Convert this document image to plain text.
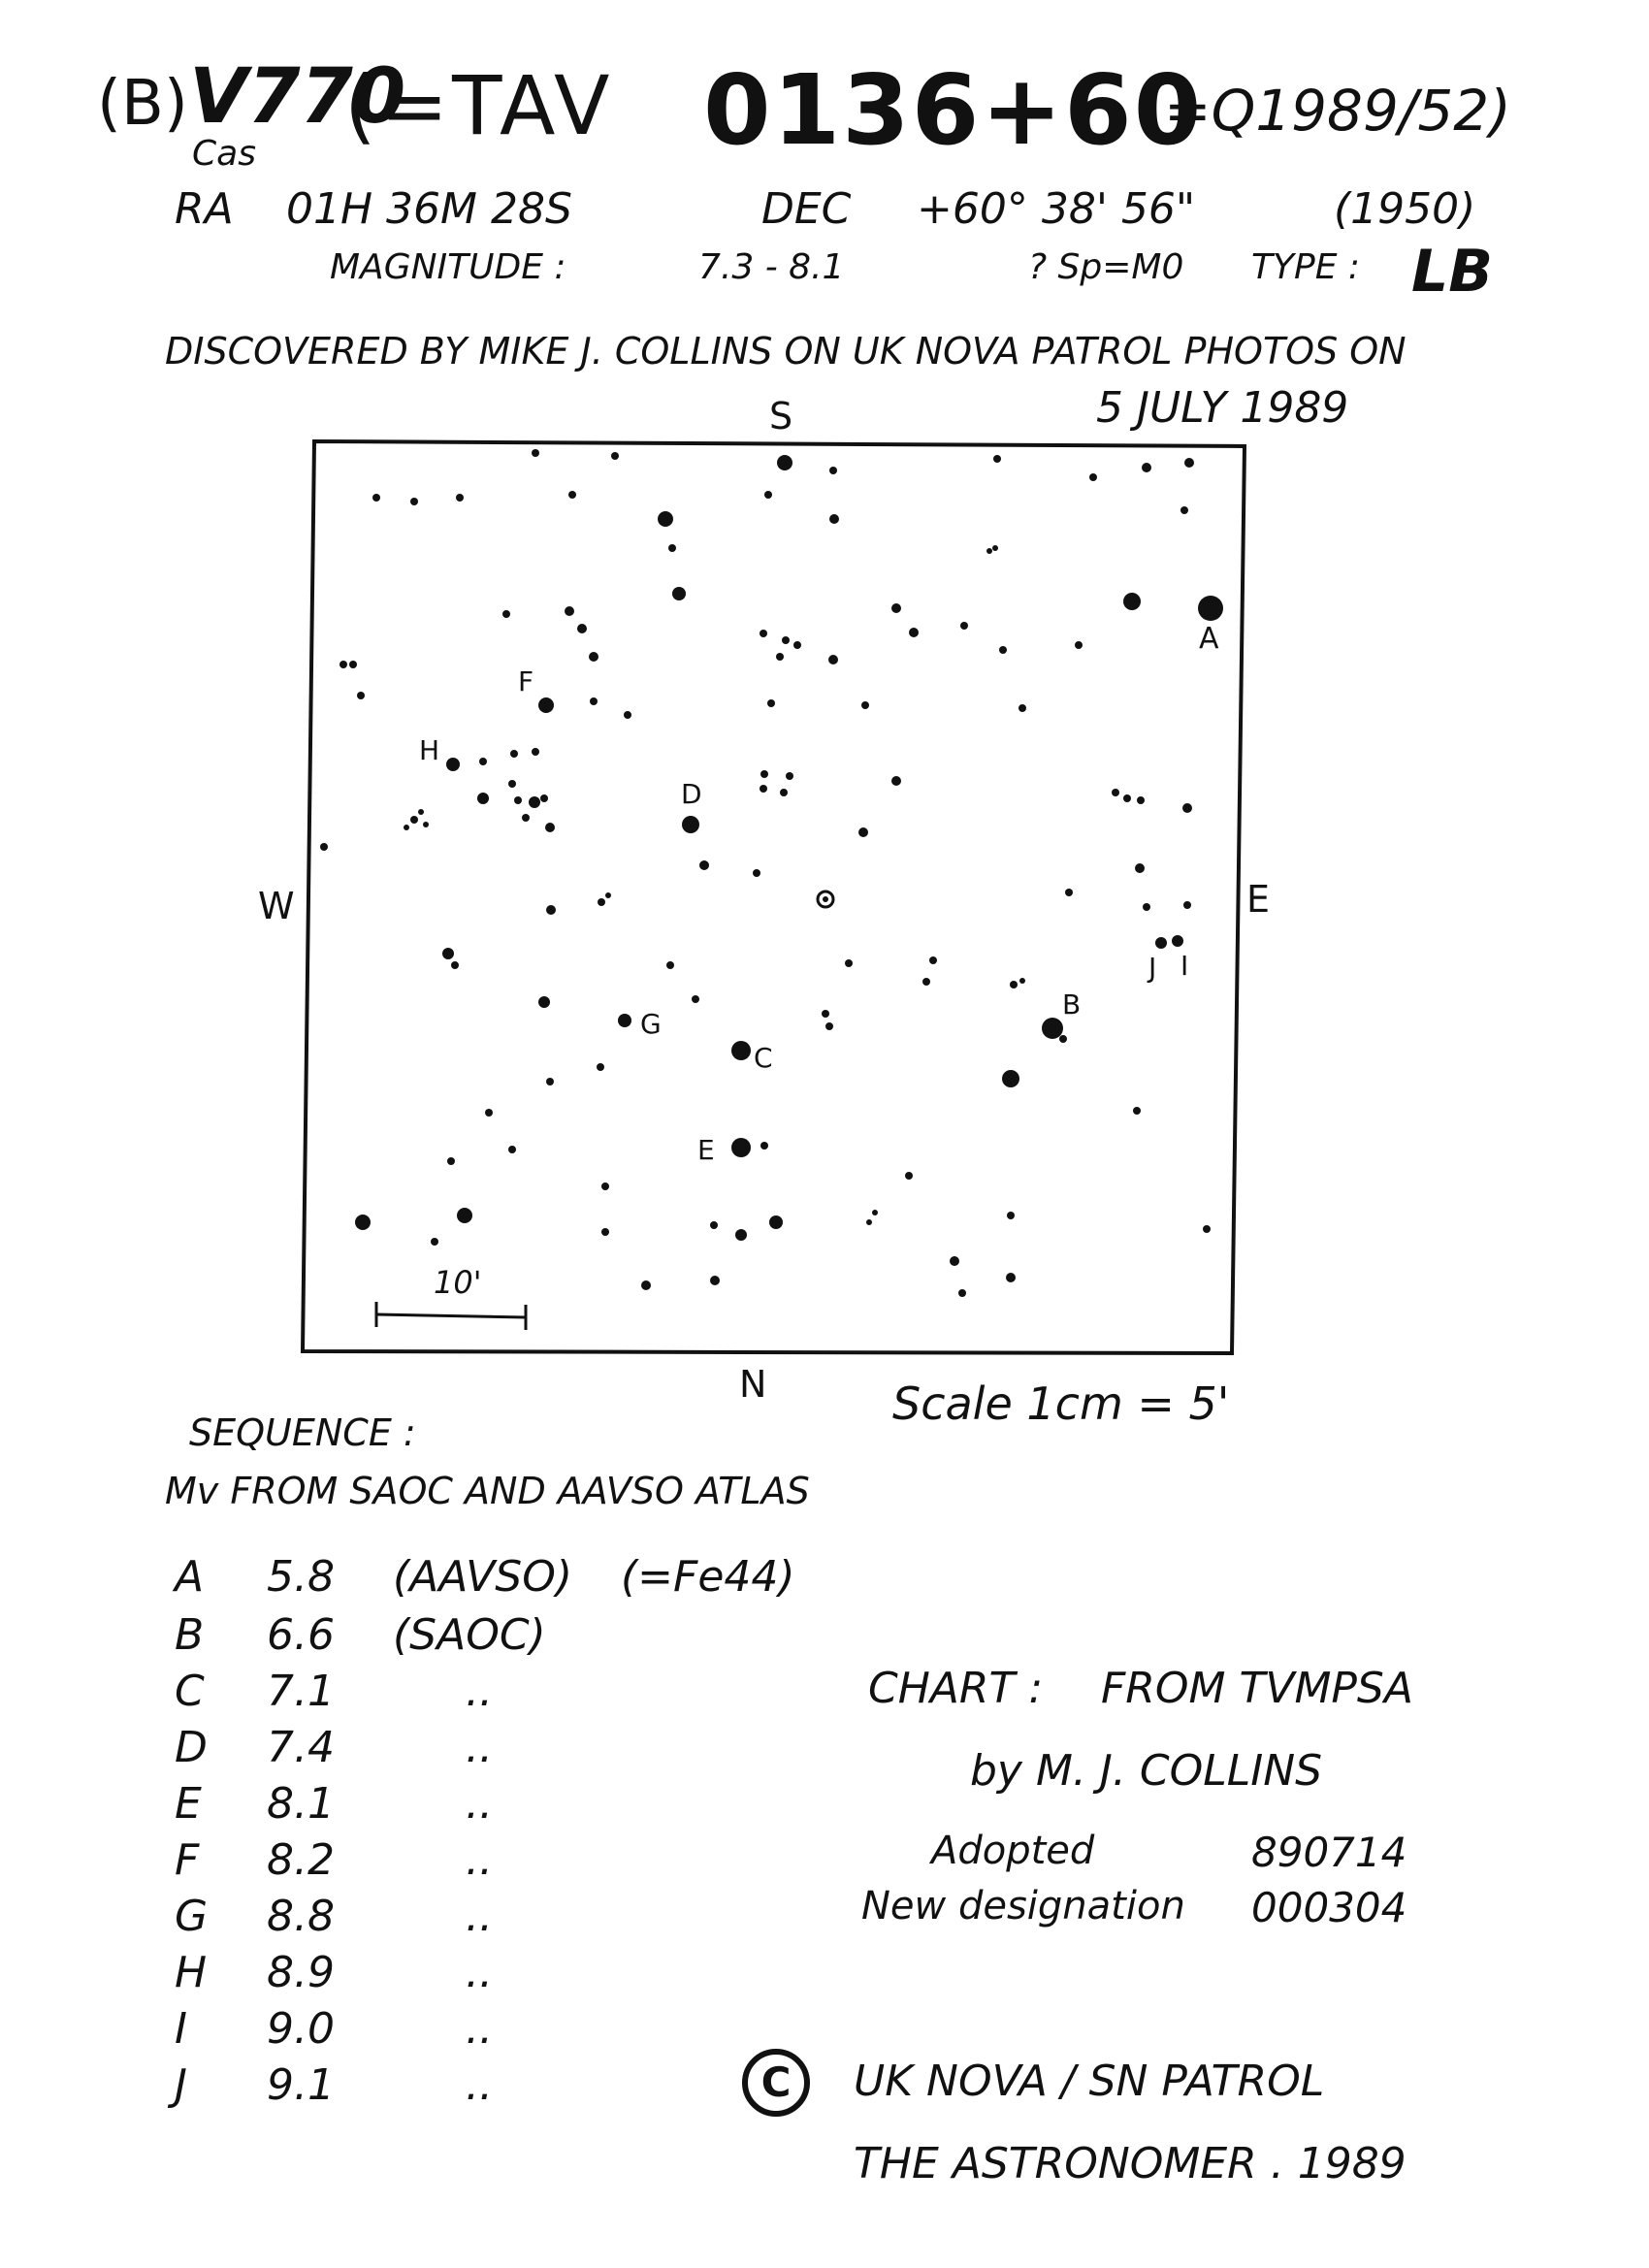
(B) V770
Cas
(=TAV 0136+60
=Q1989/52)
RA 01H 36M 28S	DEC +60° 38' 56"	(1950)
MAGNITUDE :	7.3 - 8.1	? Sp=M0 TYPE : LB
DISCOVERED BY MIKE J. COLLINS ON UK NOVA PATROL PHOTOS ON
5 JULY 1989
S
N
W	E
A
B
C
D
E
F
G
H
I
J
10'
Scale 1cm = 5'
SEQUENCE :
Mv FROM SAOC AND AAVSO ATLAS
A 5.8 (AAVSO) (=Fe44)
B 6.6 (SAOC)
C 7.1	..
D 7.4	..
E 8.1	..
F 8.2	..
G 8.8	..
H 8.9	..
I 9.0	..
J 9.1	..
CHART : FROM TVMPSA
by M. J. COLLINS
Adopted	890714
New designation 000304
C	UK NOVA / SN PATROL
THE ASTRONOMER . 1989
